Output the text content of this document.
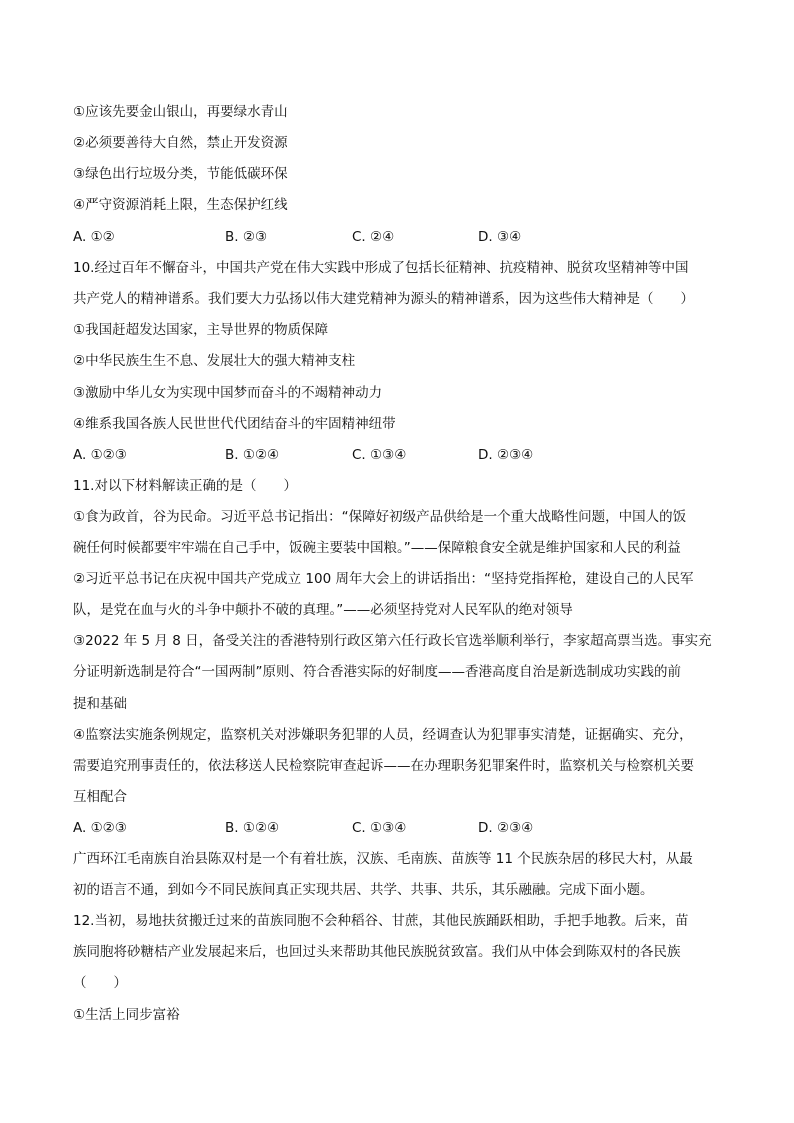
①应该先要金山银山，再要绿水青山
②必须要善待大自然，禁止开发资源
③绿色出行垃圾分类，节能低碳环保
④严守资源消耗上限，生态保护红线
A. ①②	B. ②③	C. ②④	D. ③④
10.经过百年不懈奋斗，中国共产党在伟大实践中形成了包括长征精神、抗疫精神、脱贫攻坚精神等中国
共产党人的精神谱系。我们要大力弘扬以伟大建党精神为源头的精神谱系，因为这些伟大精神是（　　）
①我国赶超发达国家，主导世界的物质保障
②中华民族生生不息、发展壮大的强大精神支柱
③激励中华儿女为实现中国梦而奋斗的不竭精神动力
④维系我国各族人民世世代代团结奋斗的牢固精神纽带
A. ①②③	B. ①②④	C. ①③④	D. ②③④
11.对以下材料解读正确的是（　　）
①食为政首，谷为民命。习近平总书记指出：“保障好初级产品供给是一个重大战略性问题，中国人的饭
碗任何时候都要牢牢端在自己手中，饭碗主要装中国粮。”——保障粮食安全就是维护国家和人民的利益
②习近平总书记在庆祝中国共产党成立 100 周年大会上的讲话指出：“坚持党指挥枪，建设自己的人民军
队，是党在血与火的斗争中颠扑不破的真理。”——必须坚持党对人民军队的绝对领导
③2022 年 5 月 8 日，备受关注的香港特别行政区第六任行政长官选举顺利举行，李家超高票当选。事实充
分证明新选制是符合“一国两制”原则、符合香港实际的好制度——香港高度自治是新选制成功实践的前
提和基础
④监察法实施条例规定，监察机关对涉嫌职务犯罪的人员，经调查认为犯罪事实清楚，证据确实、充分，
需要追究刑事责任的，依法移送人民检察院审查起诉——在办理职务犯罪案件时，监察机关与检察机关要
互相配合
A. ①②③	B. ①②④	C. ①③④	D. ②③④
广西环江毛南族自治县陈双村是一个有着壮族，汉族、毛南族、苗族等 11 个民族杂居的移民大村，从最
初的语言不通，到如今不同民族间真正实现共居、共学、共事、共乐，其乐融融。完成下面小题。
12.当初，易地扶贫搬迁过来的苗族同胞不会种稻谷、甘蔗，其他民族踊跃相助，手把手地教。后来，苗
族同胞将砂糖桔产业发展起来后，也回过头来帮助其他民族脱贫致富。我们从中体会到陈双村的各民族
（　　）
①生活上同步富裕
